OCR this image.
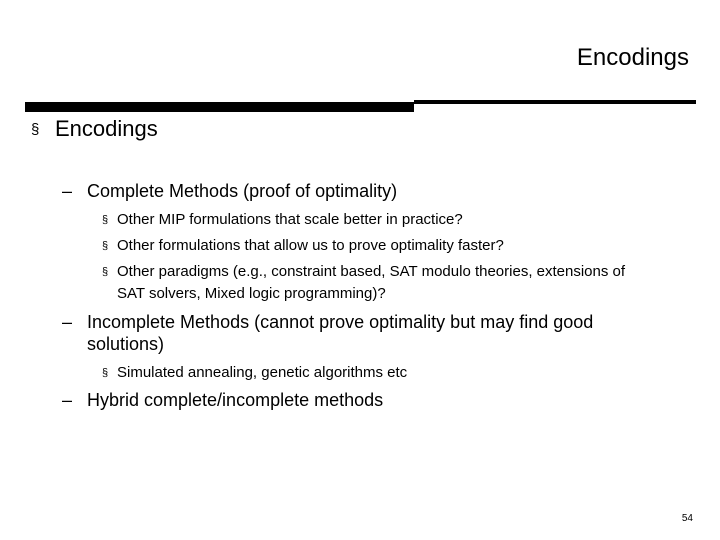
Encodings
§ Encodings
– Complete Methods (proof of optimality)
§ Other MIP formulations that scale better in practice?
§ Other formulations that allow us to prove optimality faster?
§ Other paradigms (e.g., constraint based, SAT modulo theories, extensions of SAT solvers, Mixed logic programming)?
– Incomplete Methods (cannot prove optimality but may find good solutions)
§ Simulated annealing, genetic algorithms etc
– Hybrid complete/incomplete methods
54
